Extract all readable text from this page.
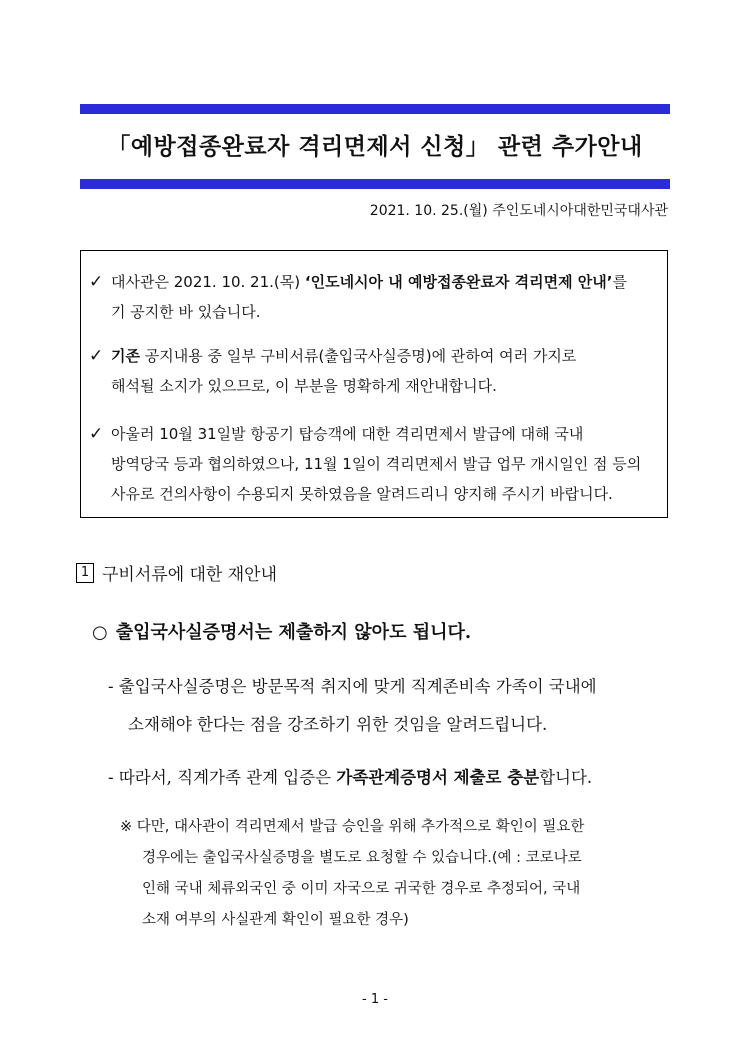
「예방접종완료자 격리면제서 신청」 관련 추가안내
2021. 10. 25.(월) 주인도네시아대한민국대사관
✓ 대사관은 2021. 10. 21.(목) ‘인도네시아 내 예방접종완료자 격리면제 안내’를
기 공지한 바 있습니다.
✓ 기존 공지내용 중 일부 구비서류(출입국사실증명)에 관하여 여러 가지로
해석될 소지가 있으므로, 이 부분을 명확하게 재안내합니다.
✓ 아울러 10월 31일발 항공기 탑승객에 대한 격리면제서 발급에 대해 국내
방역당국 등과 협의하였으나, 11월 1일이 격리면제서 발급 업무 개시일인 점 등의
사유로 건의사항이 수용되지 못하였음을 알려드리니 양지해 주시기 바랍니다.
1 구비서류에 대한 재안내
○ 출입국사실증명서는 제출하지 않아도 됩니다.
- 출입국사실증명은 방문목적 취지에 맞게 직계존비속 가족이 국내에
소재해야 한다는 점을 강조하기 위한 것임을 알려드립니다.
- 따라서, 직계가족 관계 입증은 가족관계증명서 제출로 충분합니다.
※ 다만, 대사관이 격리면제서 발급 승인을 위해 추가적으로 확인이 필요한
경우에는 출입국사실증명을 별도로 요청할 수 있습니다.(예 : 코로나로
인해 국내 체류외국인 중 이미 자국으로 귀국한 경우로 추정되어, 국내
소재 여부의 사실관계 확인이 필요한 경우)
- 1 -
